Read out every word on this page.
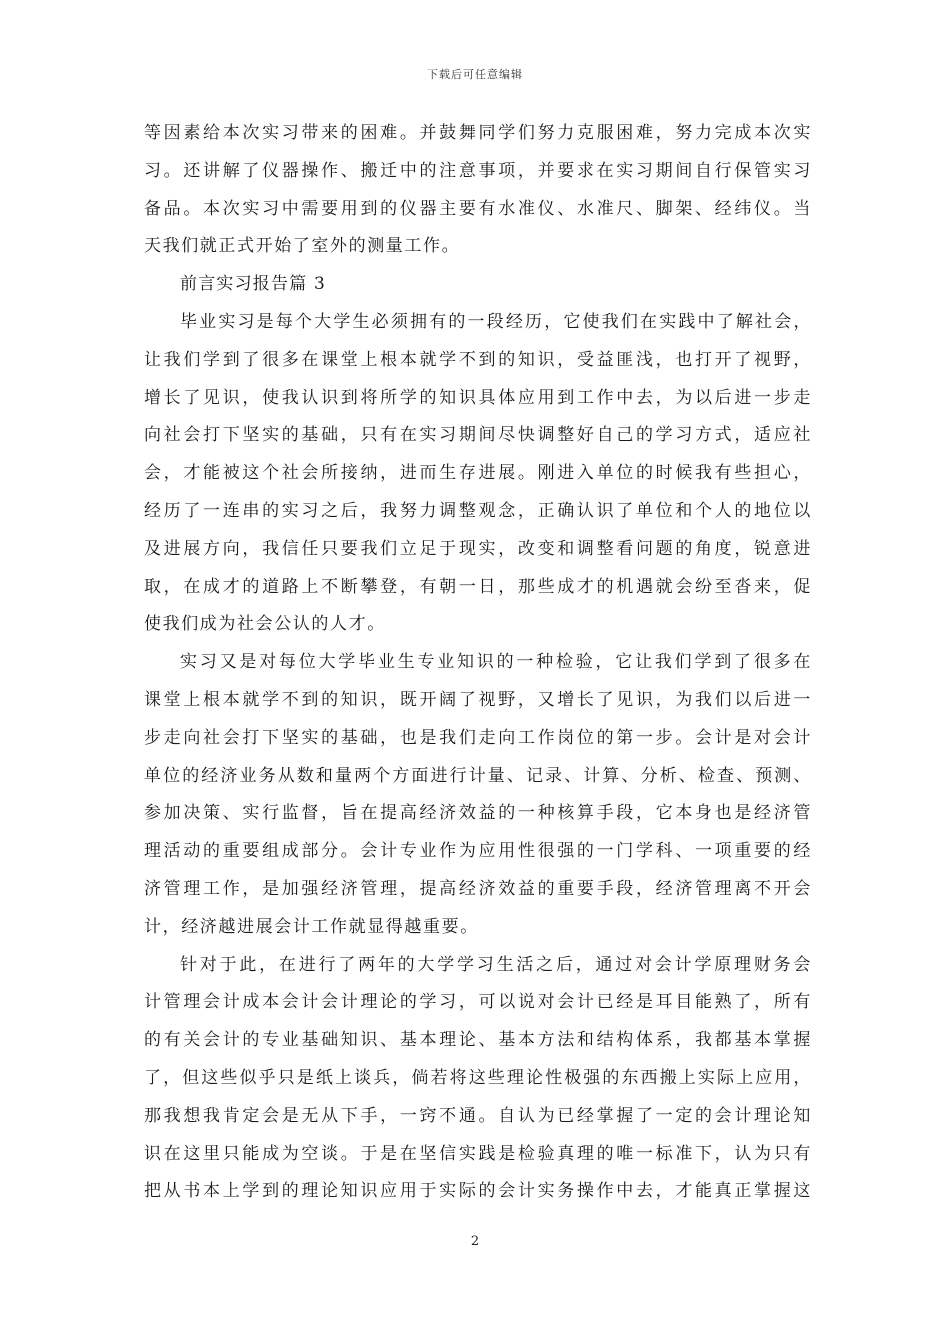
下载后可任意编辑
等因素给本次实习带来的困难。并鼓舞同学们努力克服困难，努力完成本次实
习。还讲解了仪器操作、搬迁中的注意事项，并要求在实习期间自行保管实习
备品。本次实习中需要用到的仪器主要有水准仪、水准尺、脚架、经纬仪。当
天我们就正式开始了室外的测量工作。
前言实习报告篇 3
毕业实习是每个大学生必须拥有的一段经历，它使我们在实践中了解社会，
让我们学到了很多在课堂上根本就学不到的知识，受益匪浅，也打开了视野，
增长了见识，使我认识到将所学的知识具体应用到工作中去，为以后进一步走
向社会打下坚实的基础，只有在实习期间尽快调整好自己的学习方式，适应社
会，才能被这个社会所接纳，进而生存进展。刚进入单位的时候我有些担心，
经历了一连串的实习之后，我努力调整观念，正确认识了单位和个人的地位以
及进展方向，我信任只要我们立足于现实，改变和调整看问题的角度，锐意进
取，在成才的道路上不断攀登，有朝一日，那些成才的机遇就会纷至沓来，促
使我们成为社会公认的人才。
实习又是对每位大学毕业生专业知识的一种检验，它让我们学到了很多在
课堂上根本就学不到的知识，既开阔了视野，又增长了见识，为我们以后进一
步走向社会打下坚实的基础，也是我们走向工作岗位的第一步。会计是对会计
单位的经济业务从数和量两个方面进行计量、记录、计算、分析、检查、预测、
参加决策、实行监督，旨在提高经济效益的一种核算手段，它本身也是经济管
理活动的重要组成部分。会计专业作为应用性很强的一门学科、一项重要的经
济管理工作，是加强经济管理，提高经济效益的重要手段，经济管理离不开会
计，经济越进展会计工作就显得越重要。
针对于此，在进行了两年的大学学习生活之后，通过对会计学原理财务会
计管理会计成本会计会计理论的学习，可以说对会计已经是耳目能熟了，所有
的有关会计的专业基础知识、基本理论、基本方法和结构体系，我都基本掌握
了，但这些似乎只是纸上谈兵，倘若将这些理论性极强的东西搬上实际上应用，
那我想我肯定会是无从下手，一窍不通。自认为已经掌握了一定的会计理论知
识在这里只能成为空谈。于是在坚信实践是检验真理的唯一标准下，认为只有
把从书本上学到的理论知识应用于实际的会计实务操作中去，才能真正掌握这
2
